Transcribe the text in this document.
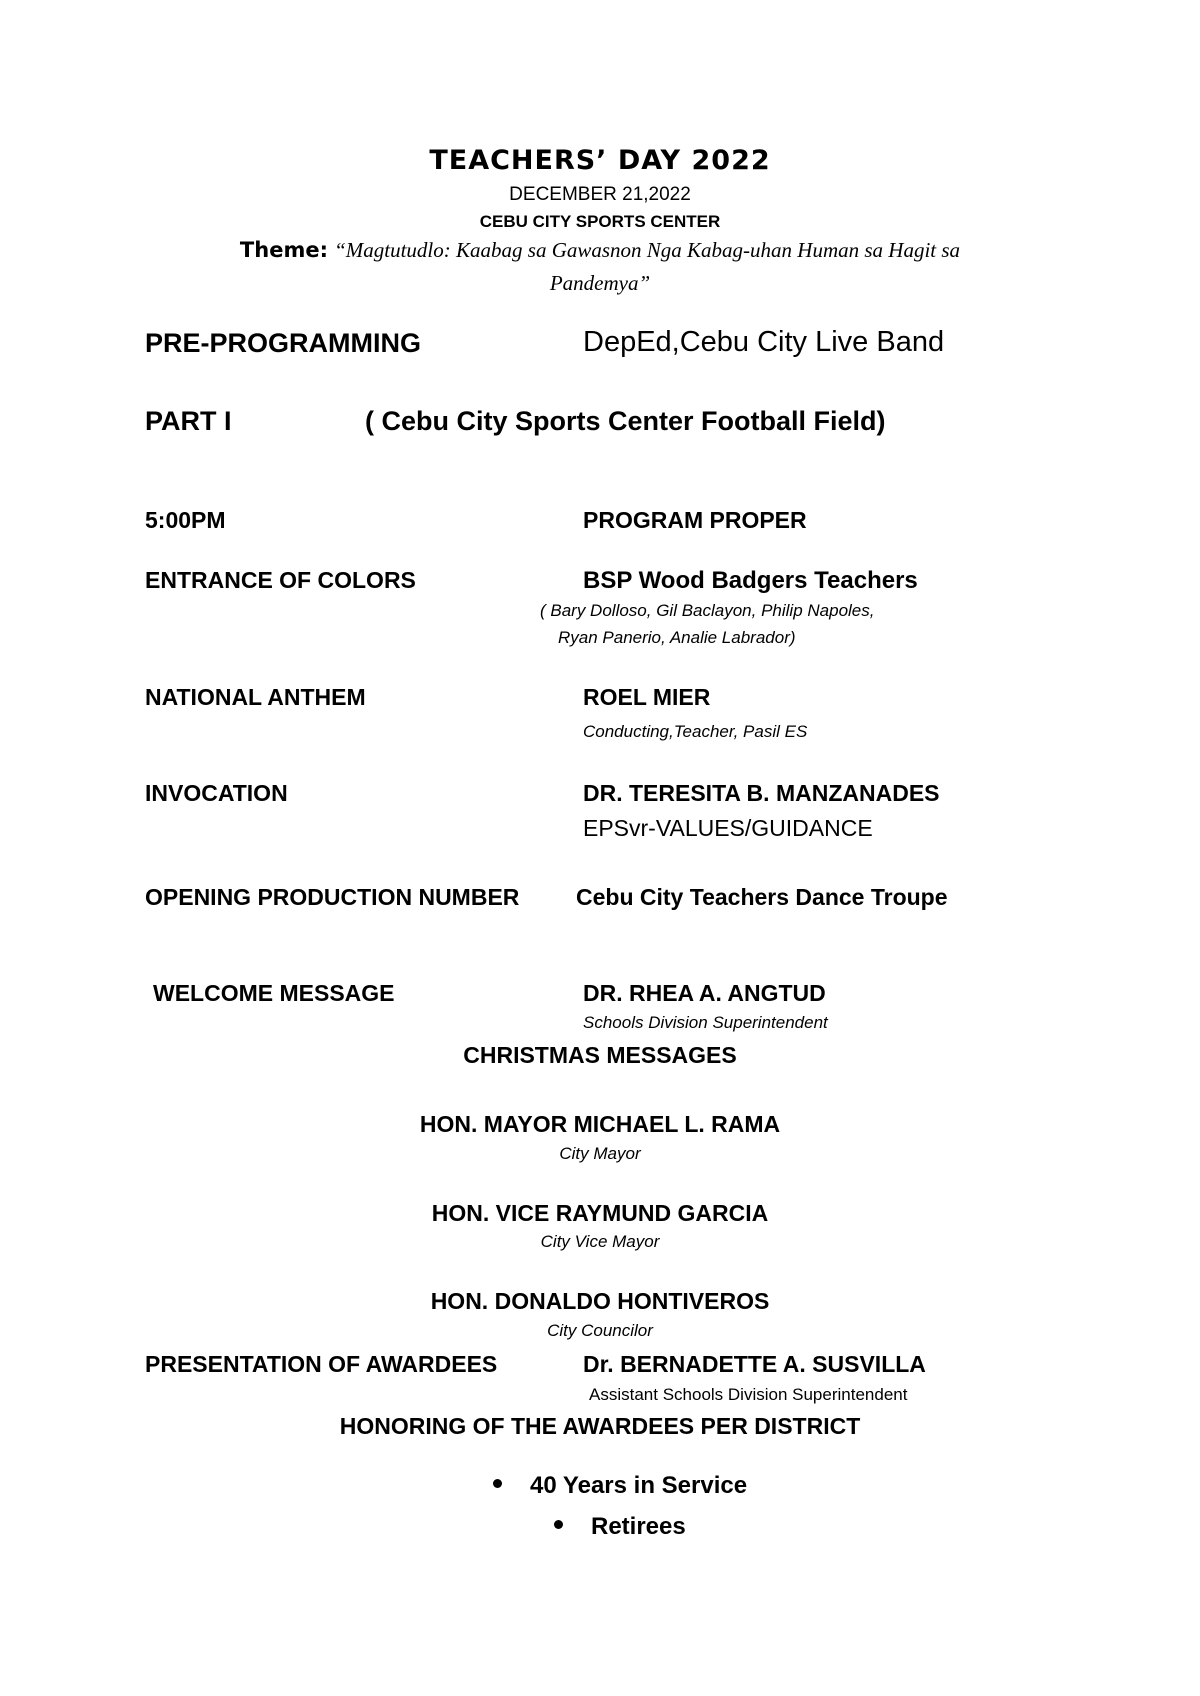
TEACHERS’ DAY 2022
DECEMBER 21,2022
CEBU CITY SPORTS CENTER
Theme: “Magtutudlo: Kaabag sa Gawasnon Nga Kabag-uhan Human sa Hagit sa
Pandemya”
PRE-PROGRAMMING	DepEd,Cebu City Live Band
PART I	( Cebu City Sports Center Football Field)
5:00PM	PROGRAM PROPER
ENTRANCE OF COLORS	BSP Wood Badgers Teachers
( Bary Dolloso, Gil Baclayon, Philip Napoles,
Ryan Panerio, Analie Labrador)
NATIONAL ANTHEM	ROEL MIER
Conducting,Teacher, Pasil ES
INVOCATION	DR. TERESITA B. MANZANADES
EPSvr-VALUES/GUIDANCE
OPENING PRODUCTION NUMBER Cebu City Teachers Dance Troupe
WELCOME MESSAGE	DR. RHEA A. ANGTUD
Schools Division Superintendent
CHRISTMAS MESSAGES
HON. MAYOR MICHAEL L. RAMA
City Mayor
HON. VICE RAYMUND GARCIA
City Vice Mayor
HON. DONALDO HONTIVEROS
City Councilor
PRESENTATION OF AWARDEES	Dr. BERNADETTE A. SUSVILLA
Assistant Schools Division Superintendent
HONORING OF THE AWARDEES PER DISTRICT
40 Years in Service
Retirees
